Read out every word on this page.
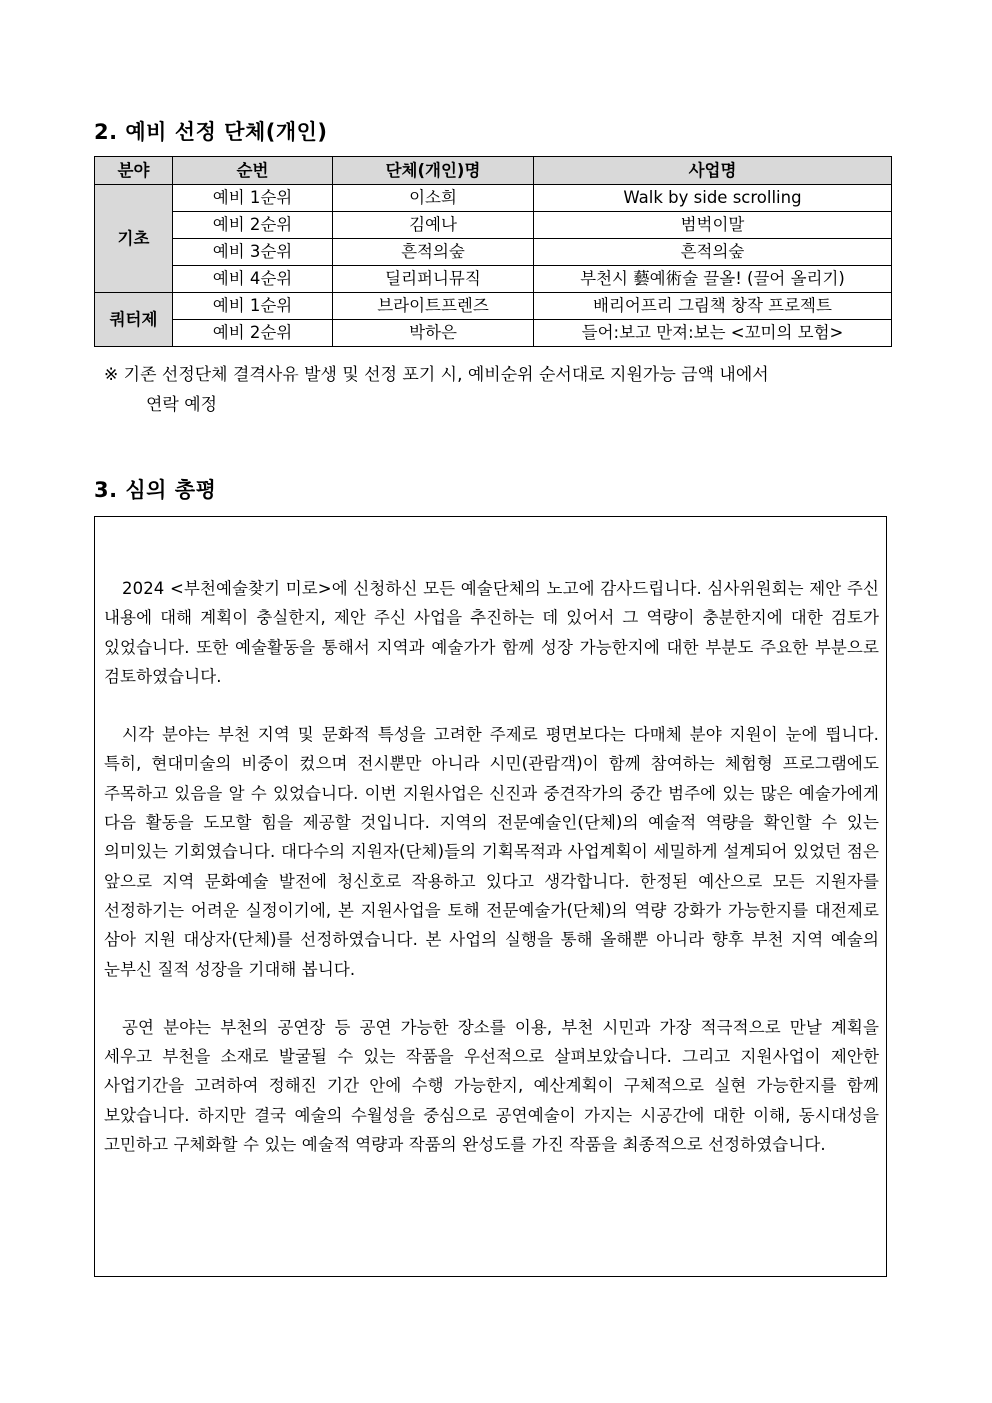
2. 예비 선정 단체(개인)
분야	순번	단체(개인)명	사업명
기초	예비 1순위	이소희	Walk by side scrolling
	예비 2순위	김예나	범벅이말
	예비 3순위	흔적의숲	흔적의숲
	예비 4순위	딜리퍼니뮤직	부천시 藝예術술 끌올! (끌어 올리기)
쿼터제	예비 1순위	브라이트프렌즈	배리어프리 그림책 창작 프로젝트
	예비 2순위	박하은	들어:보고 만져:보는 <꼬미의 모험>

※ 기존 선정단체 결격사유 발생 및 선정 포기 시, 예비순위 순서대로 지원가능 금액 내에서
연락 예정

3. 심의 총평

2024 <부천예술찾기 미로>에 신청하신 모든 예술단체의 노고에 감사드립니다. 심사위원회는 제안 주신 내용에 대해 계획이 충실한지, 제안 주신 사업을 추진하는 데 있어서 그 역량이 충분한지에 대한 검토가 있었습니다. 또한 예술활동을 통해서 지역과 예술가가 함께 성장 가능한지에 대한 부분도 주요한 부분으로 검토하였습니다.

시각 분야는 부천 지역 및 문화적 특성을 고려한 주제로 평면보다는 다매체 분야 지원이 눈에 띕니다. 특히, 현대미술의 비중이 컸으며 전시뿐만 아니라 시민(관람객)이 함께 참여하는 체험형 프로그램에도 주목하고 있음을 알 수 있었습니다. 이번 지원사업은 신진과 중견작가의 중간 범주에 있는 많은 예술가에게 다음 활동을 도모할 힘을 제공할 것입니다. 지역의 전문예술인(단체)의 예술적 역량을 확인할 수 있는 의미있는 기회였습니다. 대다수의 지원자(단체)들의 기획목적과 사업계획이 세밀하게 설계되어 있었던 점은 앞으로 지역 문화예술 발전에 청신호로 작용하고 있다고 생각합니다. 한정된 예산으로 모든 지원자를 선정하기는 어려운 실정이기에, 본 지원사업을 토해 전문예술가(단체)의 역량 강화가 가능한지를 대전제로 삼아 지원 대상자(단체)를 선정하였습니다. 본 사업의 실행을 통해 올해뿐 아니라 향후 부천 지역 예술의 눈부신 질적 성장을 기대해 봅니다.

공연 분야는 부천의 공연장 등 공연 가능한 장소를 이용, 부천 시민과 가장 적극적으로 만날 계획을 세우고 부천을 소재로 발굴될 수 있는 작품을 우선적으로 살펴보았습니다. 그리고 지원사업이 제안한 사업기간을 고려하여 정해진 기간 안에 수행 가능한지, 예산계획이 구체적으로 실현 가능한지를 함께 보았습니다. 하지만 결국 예술의 수월성을 중심으로 공연예술이 가지는 시공간에 대한 이해, 동시대성을 고민하고 구체화할 수 있는 예술적 역량과 작품의 완성도를 가진 작품을 최종적으로 선정하였습니다.
